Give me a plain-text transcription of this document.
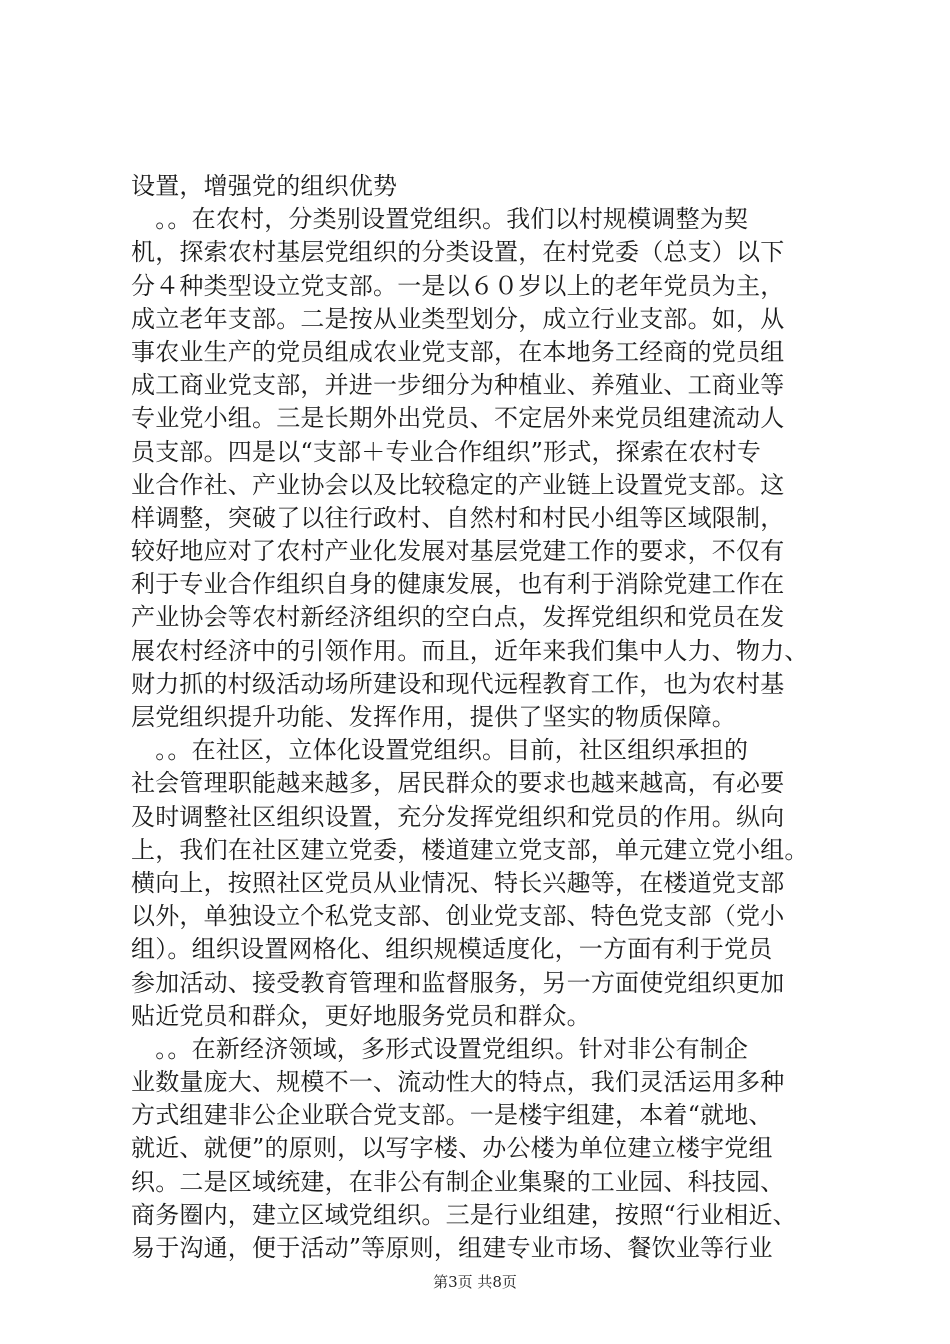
设置，增强党的组织优势
　。。在农村，分类别设置党组织。我们以村规模调整为契
机，探索农村基层党组织的分类设置，在村党委（总支）以下
分４种类型设立党支部。一是以６０岁以上的老年党员为主，
成立老年支部。二是按从业类型划分，成立行业支部。如，从
事农业生产的党员组成农业党支部，在本地务工经商的党员组
成工商业党支部，并进一步细分为种植业、养殖业、工商业等
专业党小组。三是长期外出党员、不定居外来党员组建流动人
员支部。四是以“支部＋专业合作组织”形式，探索在农村专
业合作社、产业协会以及比较稳定的产业链上设置党支部。这
样调整，突破了以往行政村、自然村和村民小组等区域限制，
较好地应对了农村产业化发展对基层党建工作的要求，不仅有
利于专业合作组织自身的健康发展，也有利于消除党建工作在
产业协会等农村新经济组织的空白点，发挥党组织和党员在发
展农村经济中的引领作用。而且，近年来我们集中人力、物力、
财力抓的村级活动场所建设和现代远程教育工作，也为农村基
层党组织提升功能、发挥作用，提供了坚实的物质保障。
　。。在社区，立体化设置党组织。目前，社区组织承担的
社会管理职能越来越多，居民群众的要求也越来越高，有必要
及时调整社区组织设置，充分发挥党组织和党员的作用。纵向
上，我们在社区建立党委，楼道建立党支部，单元建立党小组。
横向上，按照社区党员从业情况、特长兴趣等，在楼道党支部
以外，单独设立个私党支部、创业党支部、特色党支部（党小
组）。组织设置网格化、组织规模适度化，一方面有利于党员
参加活动、接受教育管理和监督服务，另一方面使党组织更加
贴近党员和群众，更好地服务党员和群众。
　。。在新经济领域，多形式设置党组织。针对非公有制企
业数量庞大、规模不一、流动性大的特点，我们灵活运用多种
方式组建非公企业联合党支部。一是楼宇组建，本着“就地、
就近、就便”的原则，以写字楼、办公楼为单位建立楼宇党组
织。二是区域统建，在非公有制企业集聚的工业园、科技园、
商务圈内，建立区域党组织。三是行业组建，按照“行业相近、
易于沟通，便于活动”等原则，组建专业市场、餐饮业等行业
第3页 共8页
